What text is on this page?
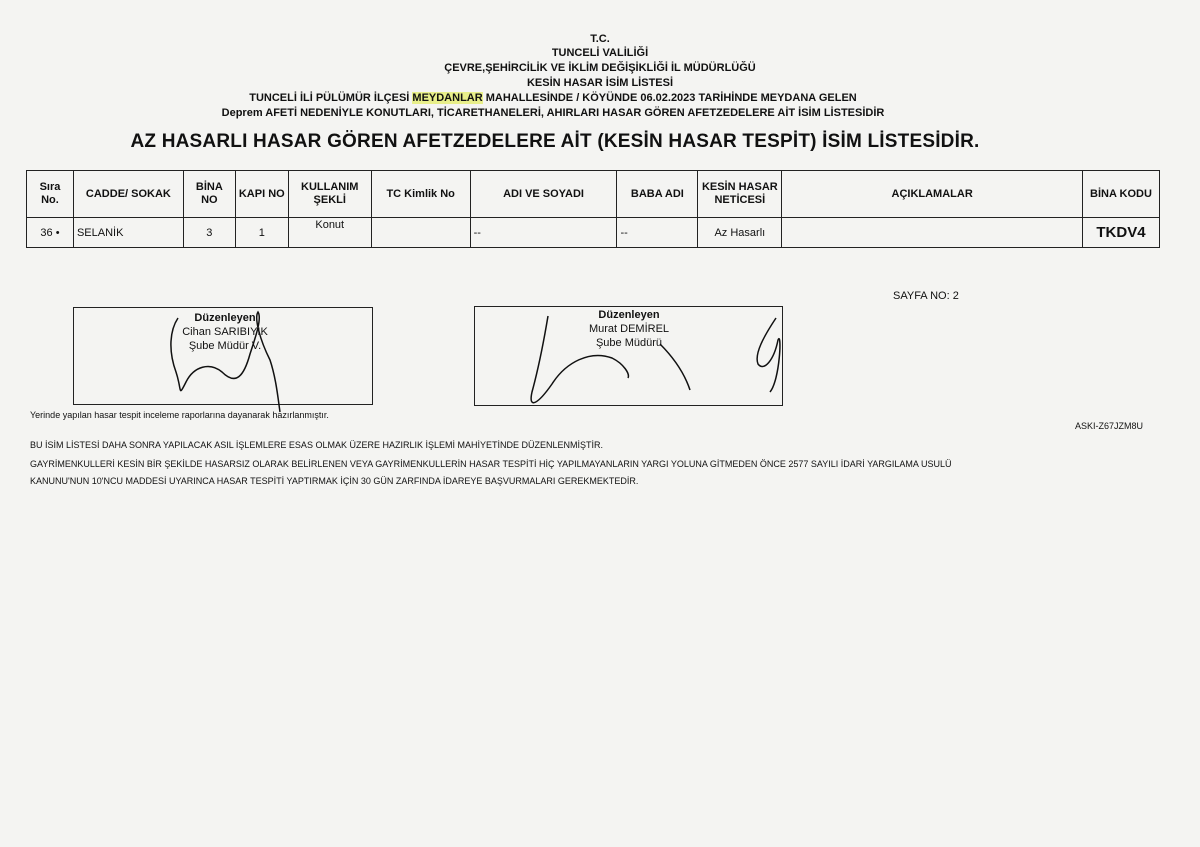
T.C.
TUNCELİ VALİLİĞİ
ÇEVRE,ŞEHİRCİLİK VE İKLİM DEĞİŞİKLİĞİ İL MÜDÜRLÜĞÜ
KESİN HASAR İSİM LİSTESİ
TUNCELİ İLİ PÜLÜMÜR İLÇESİ MEYDANLAR MAHALLESİNDE / KÖYÜNDE 06.02.2023 TARİHİNDE MEYDANA GELEN
Deprem AFETİ NEDENİYLE KONUTLARI, TİCARETHANELERİ, AHIRLARI HASAR GÖREN AFETZEDELERE AİT İSİM LİSTESİDİR
AZ HASARLI HASAR GÖREN AFETZEDELERE AİT (KESİN HASAR TESPİT) İSİM LİSTESİDİR.
Sıra No.	CADDE/ SOKAK	BİNA NO	KAPI NO	KULLANIM ŞEKLİ	TC Kimlik No	ADI VE SOYADI	BABA ADI	KESİN HASAR NETİCESİ	AÇIKLAMALAR	BİNA KODU
36 •	SELANİK	3	1	Konut		--	--	Az Hasarlı		TKDV4
SAYFA NO: 2
Düzenleyen
Cihan SARIBIYIK
Şube Müdür V.
Düzenleyen
Murat DEMİREL
Şube Müdürü
Yerinde yapılan hasar tespit inceleme raporlarına dayanarak hazırlanmıştır.
ASKI-Z67JZM8U
BU İSİM LİSTESİ DAHA SONRA YAPILACAK ASIL İŞLEMLERE ESAS OLMAK ÜZERE HAZIRLIK İŞLEMİ MAHİYETİNDE DÜZENLENMİŞTİR.
GAYRİMENKULLERİ KESİN BİR ŞEKİLDE HASARSIZ OLARAK BELİRLENEN VEYA GAYRİMENKULLERİN HASAR TESPİTİ HİÇ YAPILMAYANLARIN YARGI YOLUNA GİTMEDEN ÖNCE 2577 SAYILI İDARİ YARGILAMA USULÜ
KANUNU'NUN 10'NCU MADDESİ UYARINCA HASAR TESPİTİ YAPTIRMAK İÇİN 30 GÜN ZARFINDA İDAREYE BAŞVURMALARI GEREKMEKTEDİR.
